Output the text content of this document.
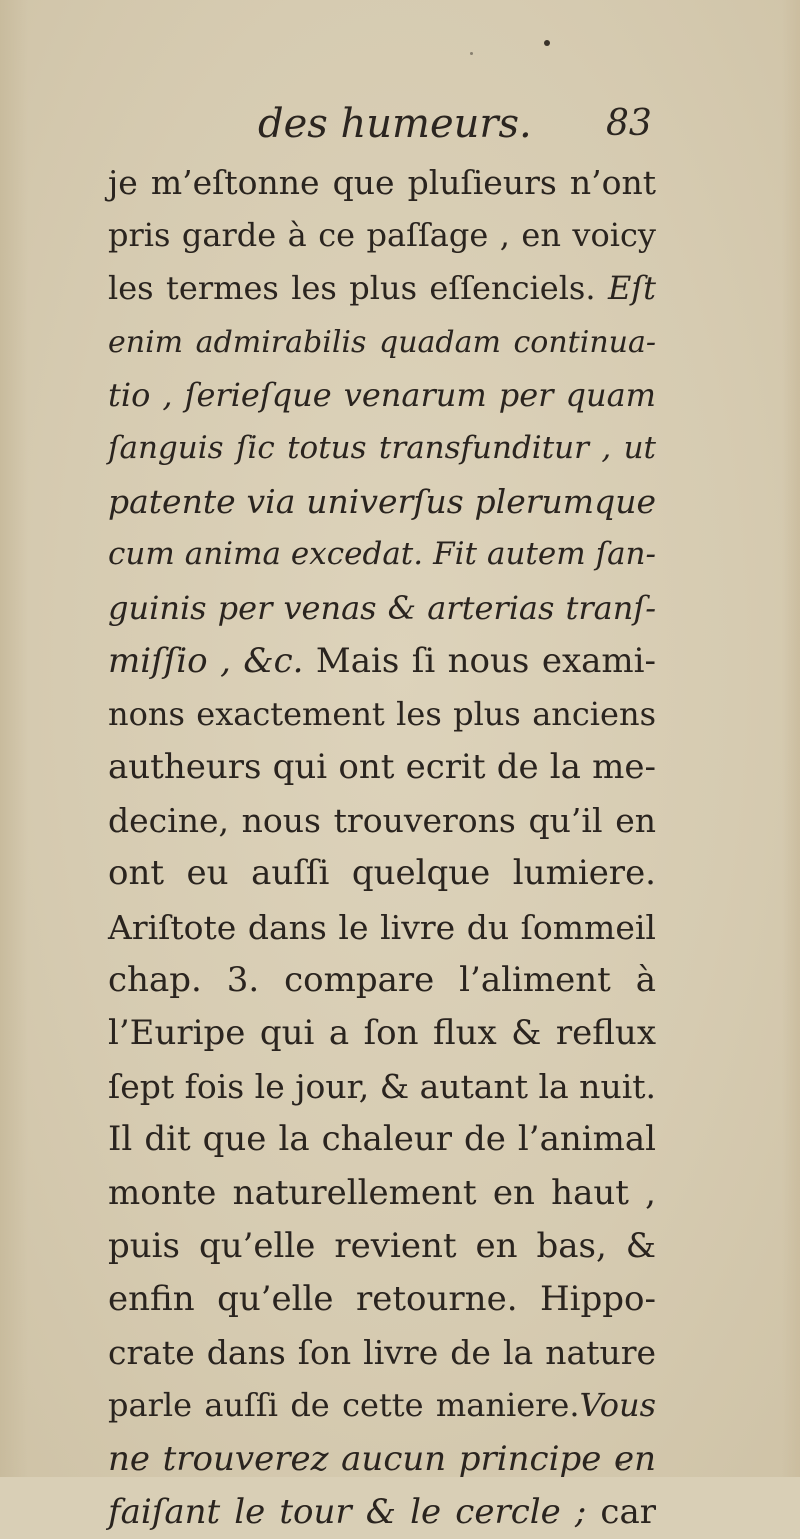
des humeurs. 83
je m’eſtonne que pluſieurs n’ont
pris garde à ce paſſage , en voicy
les termes les plus eſſenciels. Eſt
enim admirabilis quadam continua-
tio , ſerieſque venarum per quam
ſanguis ſic totus transfunditur , ut
patente via univerſus plerumque
cum anima excedat. Fit autem ſan-
guinis per venas & arterias tranſ-
miſſio , &c. Mais ſi nous exami-
nons exactement les plus anciens
autheurs qui ont ecrit de la me-
decine, nous trouverons qu’il en
ont eu auſſi quelque lumiere.
Ariſtote dans le livre du ſommeil
chap. 3. compare l’aliment à
l’Euripe qui a ſon flux & reflux
ſept fois le jour, & autant la nuit.
Il dit que la chaleur de l’animal
monte naturellement en haut ,
puis qu’elle revient en bas, &
enfin qu’elle retourne. Hippo-
crate dans ſon livre de la nature
parle auſſi de cette maniere.Vous
ne trouverez aucun principe en
faiſant le tour & le cercle ; car
